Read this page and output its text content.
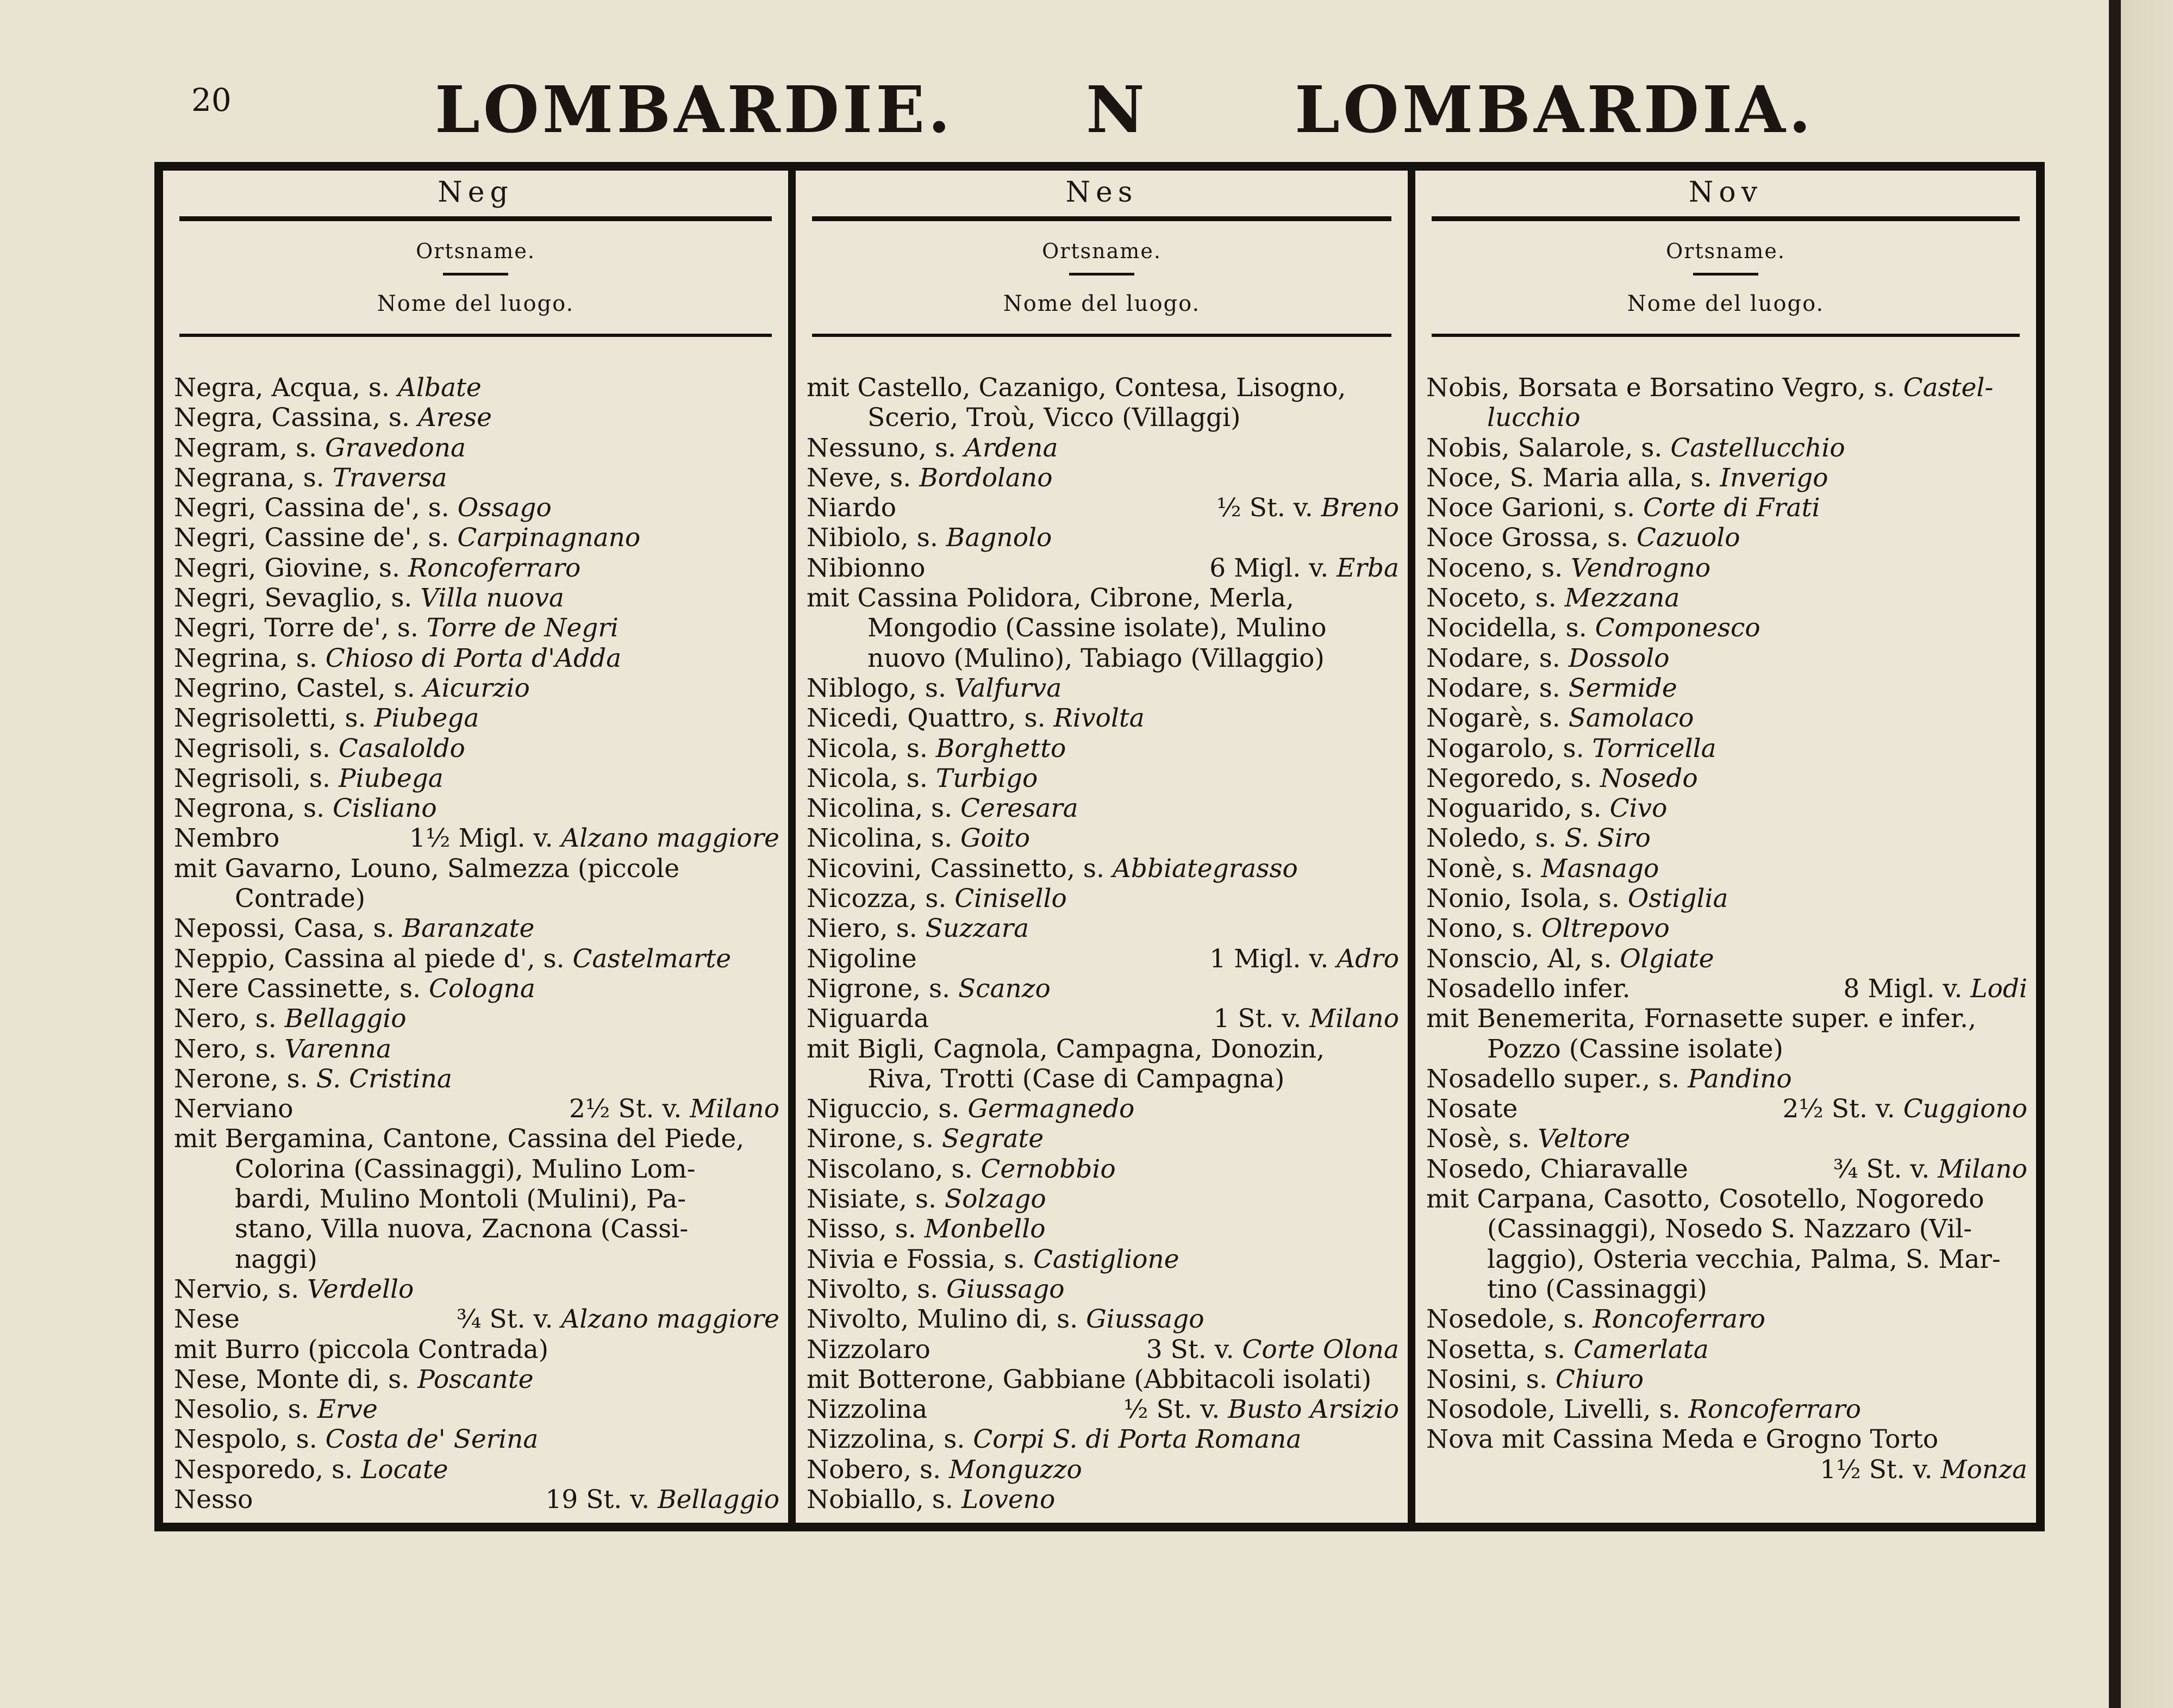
20	LOMBARDIE. N LOMBARDIA.
Neg
Ortsname.
Nome del luogo.
Negra, Acqua, s. Albate
Negra, Cassina, s. Arese
Negram, s. Gravedona
Negrana, s. Traversa
Negri, Cassina de', s. Ossago
Negri, Cassine de', s. Carpinagnano
Negri, Giovine, s. Roncoferraro
Negri, Sevaglio, s. Villa nuova
Negri, Torre de', s. Torre de Negri
Negrina, s. Chioso di Porta d'Adda
Negrino, Castel, s. Aicurzio
Negrisoletti, s. Piubega
Negrisoli, s. Casaloldo
Negrisoli, s. Piubega
Negrona, s. Cisliano
Nembro	1½ Migl. v. Alzano maggiore
mit Gavarno, Louno, Salmezza (piccole
Contrade)
Nepossi, Casa, s. Baranzate
Neppio, Cassina al piede d', s. Castelmarte
Nere Cassinette, s. Cologna
Nero, s. Bellaggio
Nero, s. Varenna
Nerone, s. S. Cristina
Nerviano	2½ St. v. Milano
mit Bergamina, Cantone, Cassina del Piede,
Colorina (Cassinaggi), Mulino Lom-
bardi, Mulino Montoli (Mulini), Pa-
stano, Villa nuova, Zacnona (Cassi-
naggi)
Nervio, s. Verdello
Nese	¾ St. v. Alzano maggiore
mit Burro (piccola Contrada)
Nese, Monte di, s. Poscante
Nesolio, s. Erve
Nespolo, s. Costa de' Serina
Nesporedo, s. Locate
Nesso	19 St. v. Bellaggio
Nes
Ortsname.
Nome del luogo.
mit Castello, Cazanigo, Contesa, Lisogno,
Scerio, Troù, Vicco (Villaggi)
Nessuno, s. Ardena
Neve, s. Bordolano
Niardo	½ St. v. Breno
Nibiolo, s. Bagnolo
Nibionno	6 Migl. v. Erba
mit Cassina Polidora, Cibrone, Merla,
Mongodio (Cassine isolate), Mulino
nuovo (Mulino), Tabiago (Villaggio)
Niblogo, s. Valfurva
Nicedi, Quattro, s. Rivolta
Nicola, s. Borghetto
Nicola, s. Turbigo
Nicolina, s. Ceresara
Nicolina, s. Goito
Nicovini, Cassinetto, s. Abbiategrasso
Nicozza, s. Cinisello
Niero, s. Suzzara
Nigoline	1 Migl. v. Adro
Nigrone, s. Scanzo
Niguarda	1 St. v. Milano
mit Bigli, Cagnola, Campagna, Donozin,
Riva, Trotti (Case di Campagna)
Niguccio, s. Germagnedo
Nirone, s. Segrate
Niscolano, s. Cernobbio
Nisiate, s. Solzago
Nisso, s. Monbello
Nivia e Fossia, s. Castiglione
Nivolto, s. Giussago
Nivolto, Mulino di, s. Giussago
Nizzolaro	3 St. v. Corte Olona
mit Botterone, Gabbiane (Abbitacoli isolati)
Nizzolina	½ St. v. Busto Arsizio
Nizzolina, s. Corpi S. di Porta Romana
Nobero, s. Monguzzo
Nobiallo, s. Loveno
Nov
Ortsname.
Nome del luogo.
Nobis, Borsata e Borsatino Vegro, s. Castel-
lucchio
Nobis, Salarole, s. Castellucchio
Noce, S. Maria alla, s. Inverigo
Noce Garioni, s. Corte di Frati
Noce Grossa, s. Cazuolo
Noceno, s. Vendrogno
Noceto, s. Mezzana
Nocidella, s. Componesco
Nodare, s. Dossolo
Nodare, s. Sermide
Nogarè, s. Samolaco
Nogarolo, s. Torricella
Negoredo, s. Nosedo
Noguarido, s. Civo
Noledo, s. S. Siro
Nonè, s. Masnago
Nonio, Isola, s. Ostiglia
Nono, s. Oltrepovo
Nonscio, Al, s. Olgiate
Nosadello infer.	8 Migl. v. Lodi
mit Benemerita, Fornasette super. e infer.,
Pozzo (Cassine isolate)
Nosadello super., s. Pandino
Nosate	2½ St. v. Cuggiono
Nosè, s. Veltore
Nosedo, Chiaravalle	¾ St. v. Milano
mit Carpana, Casotto, Cosotello, Nogoredo
(Cassinaggi), Nosedo S. Nazzaro (Vil-
laggio), Osteria vecchia, Palma, S. Mar-
tino (Cassinaggi)
Nosedole, s. Roncoferraro
Nosetta, s. Camerlata
Nosini, s. Chiuro
Nosodole, Livelli, s. Roncoferraro
Nova mit Cassina Meda e Grogno Torto
1½ St. v. Monza
